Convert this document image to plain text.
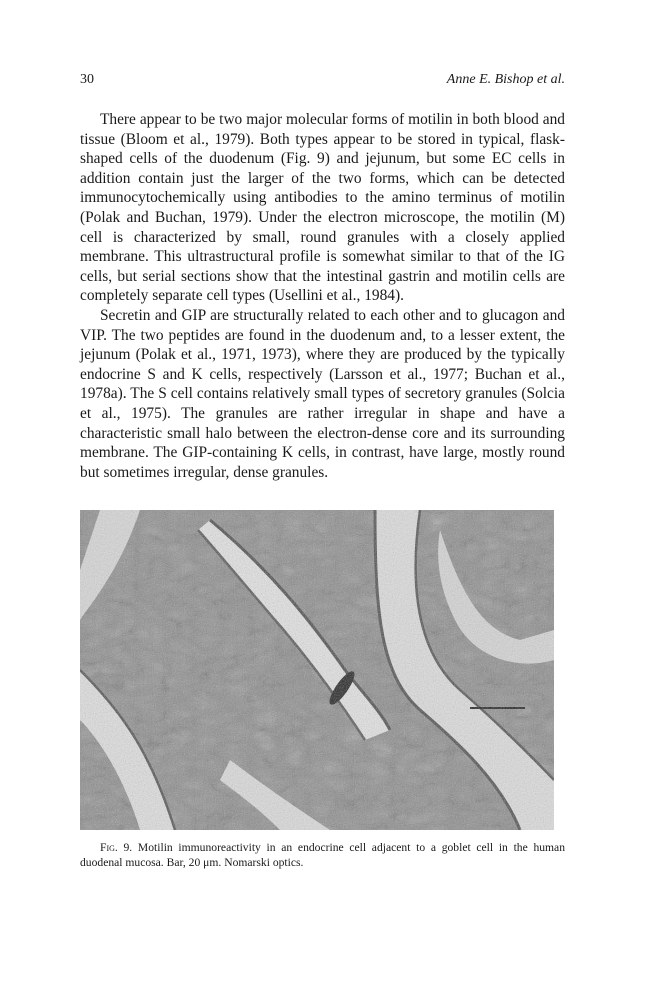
30	Anne E. Bishop et al.

There appear to be two major molecular forms of motilin in both blood and tissue (Bloom et al., 1979). Both types appear to be stored in typical, flask-shaped cells of the duodenum (Fig. 9) and jejunum, but some EC cells in addition contain just the larger of the two forms, which can be detected immunocytochemically using antibodies to the amino terminus of motilin (Polak and Buchan, 1979). Under the electron microscope, the motilin (M) cell is characterized by small, round granules with a closely applied membrane. This ultrastructural profile is somewhat similar to that of the IG cells, but serial sections show that the intestinal gastrin and motilin cells are completely separate cell types (Usellini et al., 1984).

Secretin and GIP are structurally related to each other and to glucagon and VIP. The two peptides are found in the duodenum and, to a lesser extent, the jejunum (Polak et al., 1971, 1973), where they are produced by the typically endocrine S and K cells, respectively (Larsson et al., 1977; Buchan et al., 1978a). The S cell contains relatively small types of secretory granules (Solcia et al., 1975). The granules are rather irregular in shape and have a characteristic small halo between the electron-dense core and its surrounding membrane. The GIP-containing K cells, in contrast, have large, mostly round but sometimes irregular, dense granules.

Fig. 9. Motilin immunoreactivity in an endocrine cell adjacent to a goblet cell in the human duodenal mucosa. Bar, 20 μm. Nomarski optics.
